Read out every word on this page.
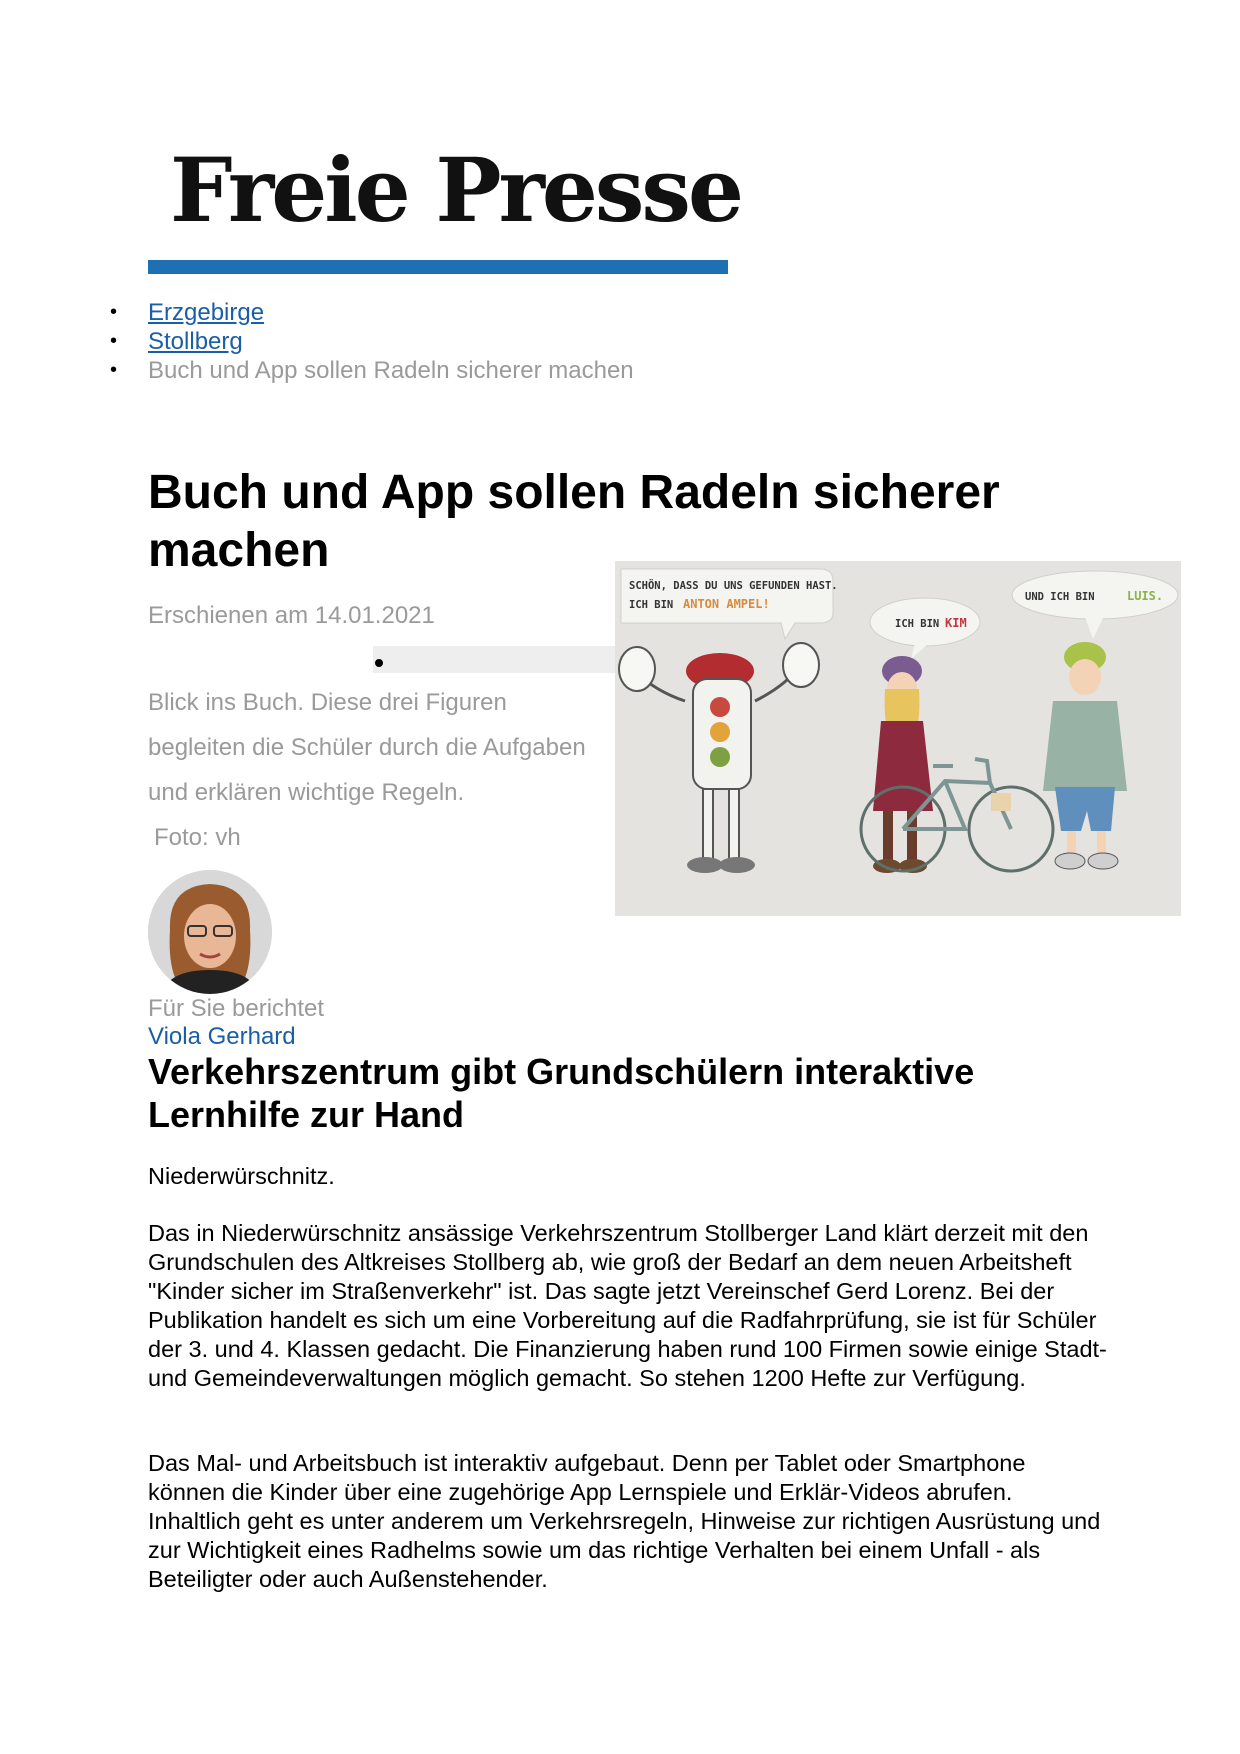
Freie Presse
• Erzgebirge
• Stollberg
• Buch und App sollen Radeln sicherer machen
Buch und App sollen Radeln sicherer machen
Erschienen am 14.01.2021
Blick ins Buch. Diese drei Figuren begleiten die Schüler durch die Aufgaben und erklären wichtige Regeln.
Foto: vh
SCHÖN, DASS DU UNS GEFUNDEN HAST.
ICH BIN ANTON AMPEL!
ICH BIN KIM
UND ICH BIN	LUIS.
Für Sie berichtet
Viola Gerhard
Verkehrszentrum gibt Grundschülern interaktive Lernhilfe zur Hand

Niederwürschnitz.

Das in Niederwürschnitz ansässige Verkehrszentrum Stollberger Land klärt derzeit mit den Grundschulen des Altkreises Stollberg ab, wie groß der Bedarf an dem neuen Arbeitsheft "Kinder sicher im Straßenverkehr" ist. Das sagte jetzt Vereinschef Gerd Lorenz. Bei der Publikation handelt es sich um eine Vorbereitung auf die Radfahrprüfung, sie ist für Schüler der 3. und 4. Klassen gedacht. Die Finanzierung haben rund 100 Firmen sowie einige Stadt- und Gemeindeverwaltungen möglich gemacht. So stehen 1200 Hefte zur Verfügung.

Das Mal- und Arbeitsbuch ist interaktiv aufgebaut. Denn per Tablet oder Smartphone können die Kinder über eine zugehörige App Lernspiele und Erklär-Videos abrufen. Inhaltlich geht es unter anderem um Verkehrsregeln, Hinweise zur richtigen Ausrüstung und zur Wichtigkeit eines Radhelms sowie um das richtige Verhalten bei einem Unfall - als Beteiligter oder auch Außenstehender.
